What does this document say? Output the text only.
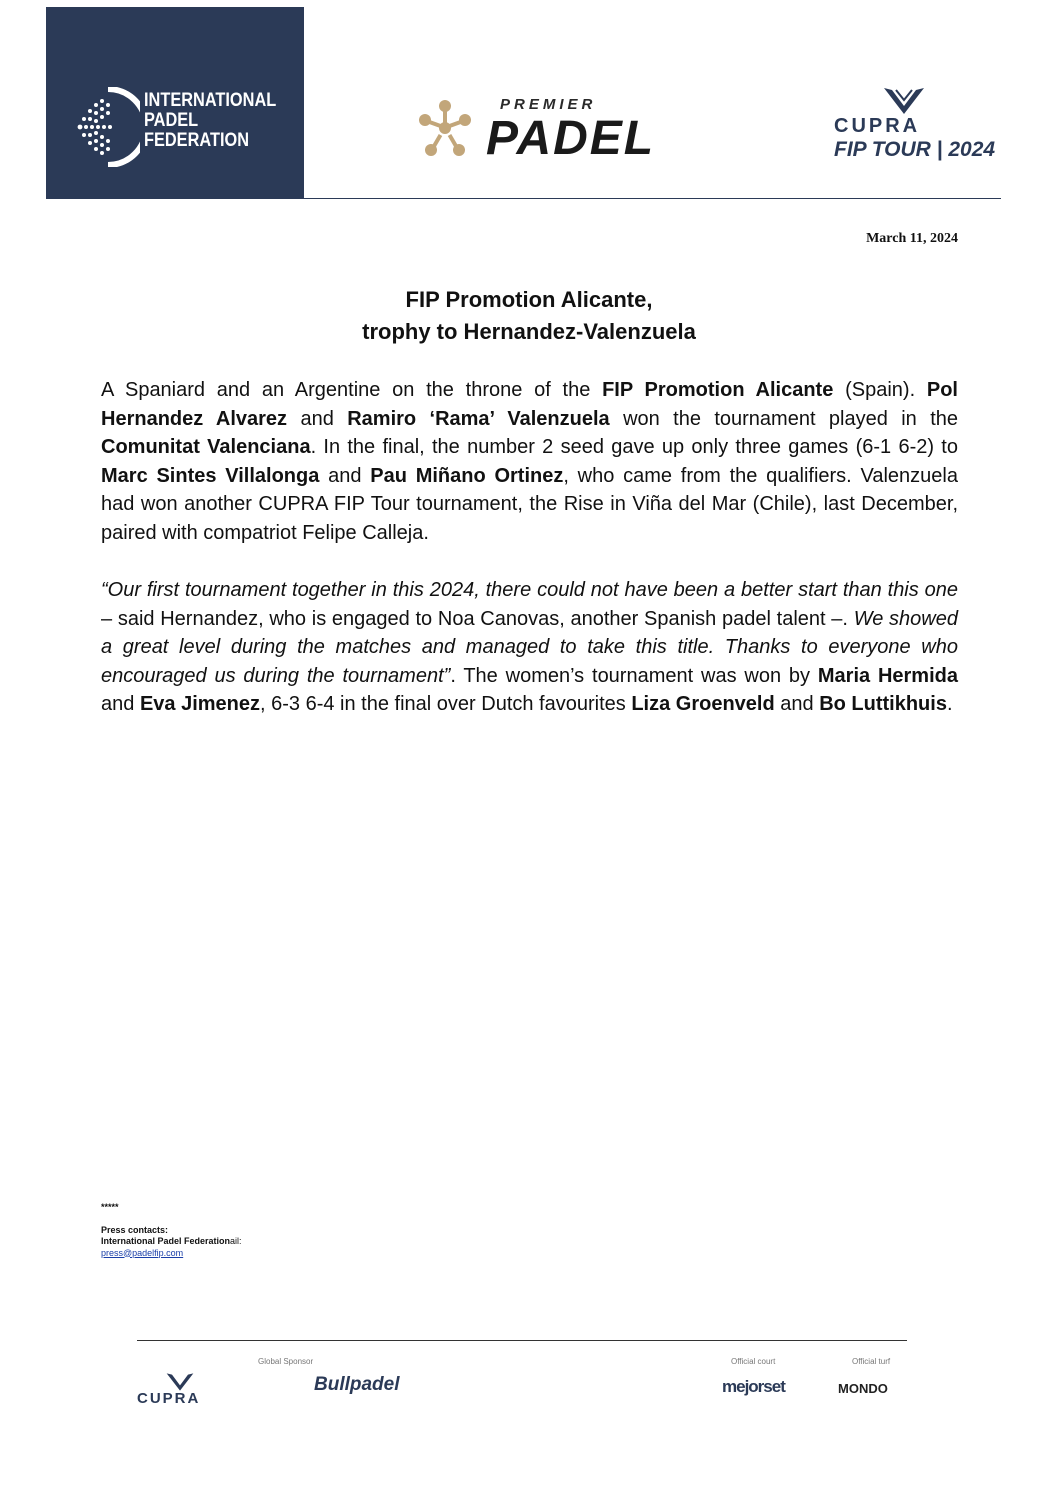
INTERNATIONAL
PADEL
FEDERATION
PREMIER
PADEL	CUPRA
FIP TOUR | 2024
March 11, 2024
FIP Promotion Alicante,
trophy to Hernandez-Valenzuela
A Spaniard and an Argentine on the throne of the FIP Promotion Alicante (Spain). Pol Hernandez Alvarez and Ramiro ‘Rama’ Valenzuela won the tournament played in the Comunitat Valenciana. In the final, the number 2 seed gave up only three games (6-1 6-2) to Marc Sintes Villalonga and Pau Miñano Ortinez, who came from the qualifiers. Valenzuela had won another CUPRA FIP Tour tournament, the Rise in Viña del Mar (Chile), last December, paired with compatriot Felipe Calleja.
“Our first tournament together in this 2024, there could not have been a better start than this one – said Hernandez, who is engaged to Noa Canovas, another Spanish padel talent –. We showed a great level during the matches and managed to take this title. Thanks to everyone who encouraged us during the tournament”. The women’s tournament was won by Maria Hermida and Eva Jimenez, 6-3 6-4 in the final over Dutch favourites Liza Groenveld and Bo Luttikhuis.
*****
Press contacts:
International Padel Federationail:
press@padelfip.com
Global Sponsor	Official court	Official turf
CUPRA
Bullpadel	mejorset	MONDO
